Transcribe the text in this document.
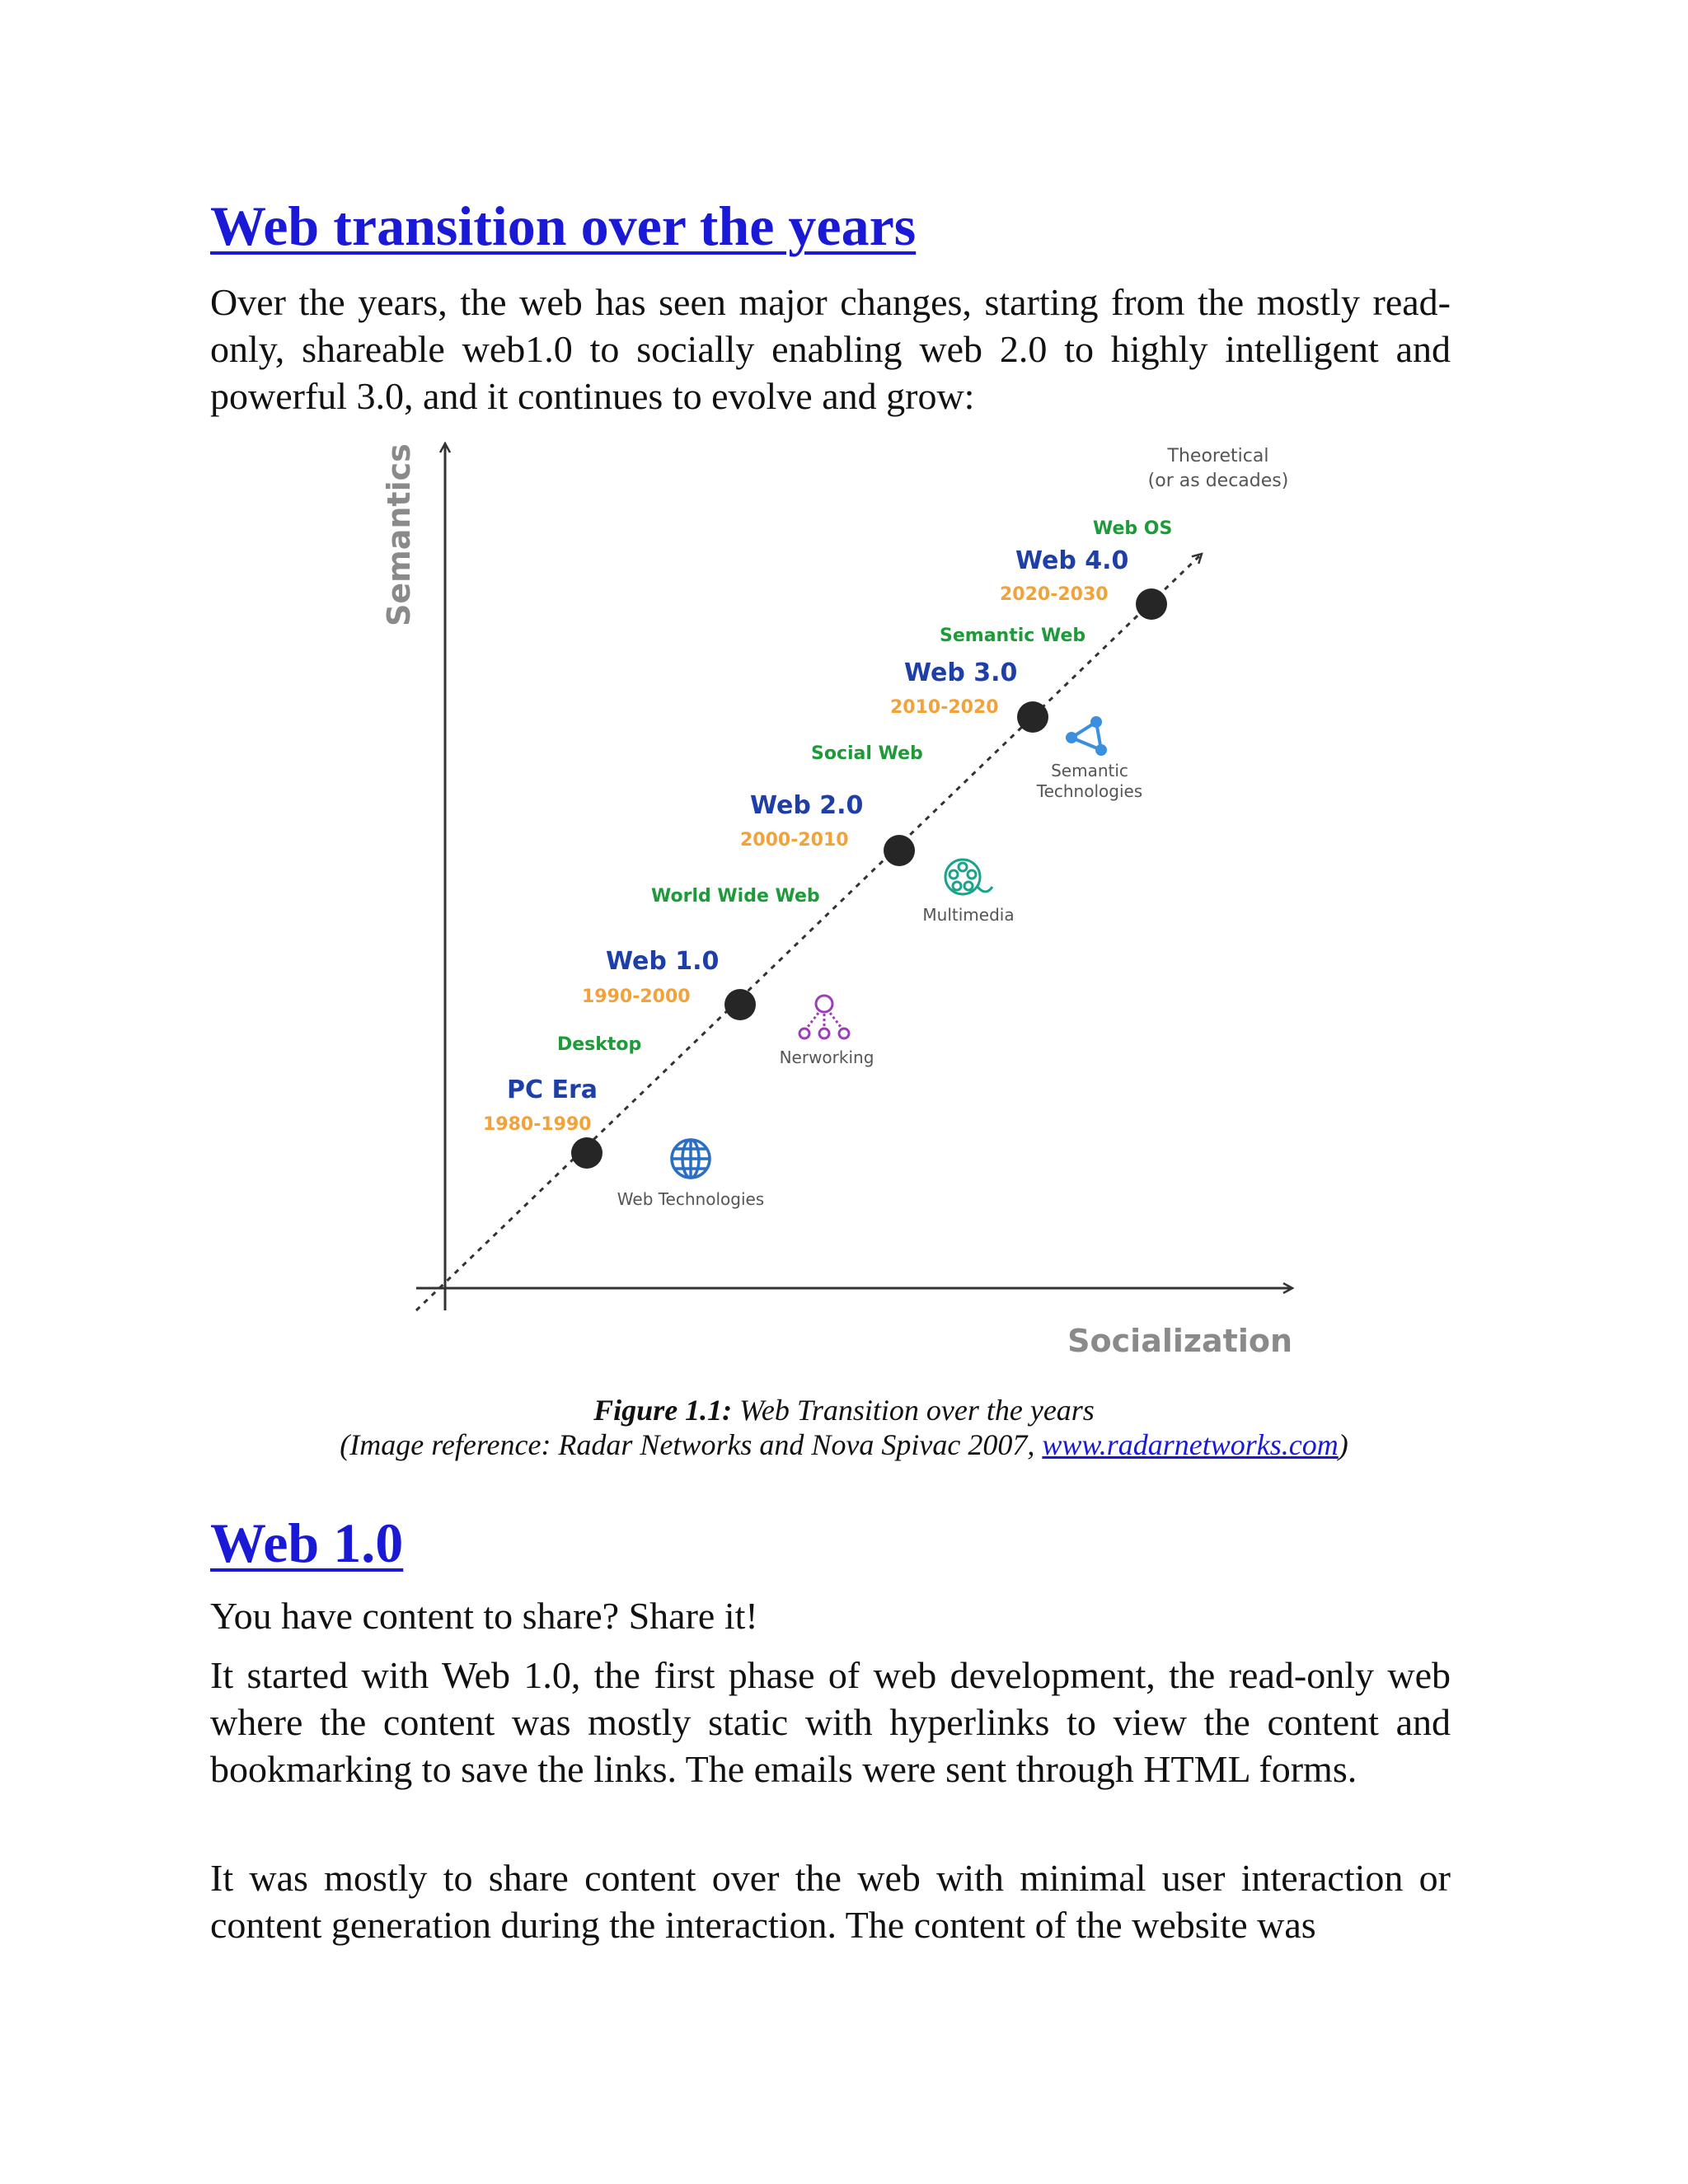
Web transition over the years

Over the years, the web has seen major changes, starting from the mostly read-only, shareable web1.0 to socially enabling web 2.0 to highly intelligent and powerful 3.0, and it continues to evolve and grow:

Semantics
Socialization
Theoretical
(or as decades)
PC Era
1980-1990
Desktop
Web 1.0
1990-2000
World Wide Web
Web 2.0
2000-2010
Social Web
Web 3.0
2010-2020
Semantic Web
Web 4.0
2020-2030
Web OS
Web Technologies
Nerworking
Multimedia
Semantic
Technologies

Figure 1.1: Web Transition over the years

(Image reference: Radar Networks and Nova Spivac 2007, www.radarnetworks.com)

Web 1.0

You have content to share? Share it!

It started with Web 1.0, the first phase of web development, the read-only web where the content was mostly static with hyperlinks to view the content and bookmarking to save the links. The emails were sent through HTML forms.

It was mostly to share content over the web with minimal user interaction or content generation during the interaction. The content of the website was
